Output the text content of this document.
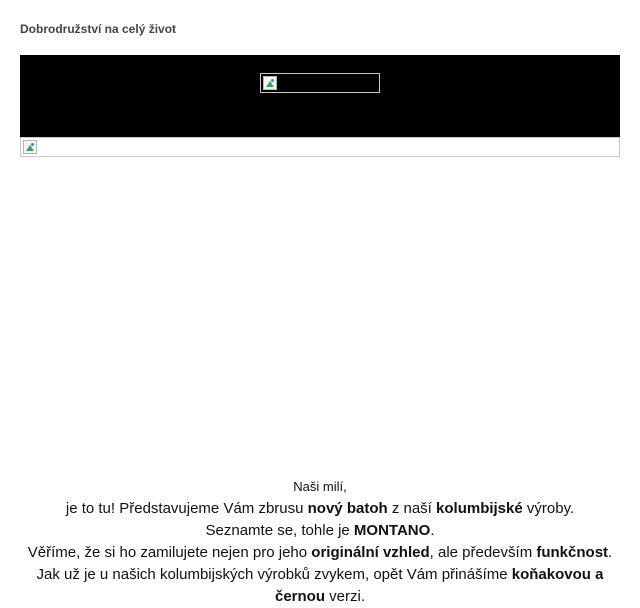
Dobrodružství na celý život

Naši milí,

je to tu! Představujeme Vám zbrusu nový batoh z naší kolumbijské výroby.

Seznamte se, tohle je MONTANO.

Věříme, že si ho zamilujete nejen pro jeho originální vzhled, ale především funkčnost. Jak už je u našich kolumbijských výrobků zvykem, opět Vám přinášíme koňakovou a černou verzi.
